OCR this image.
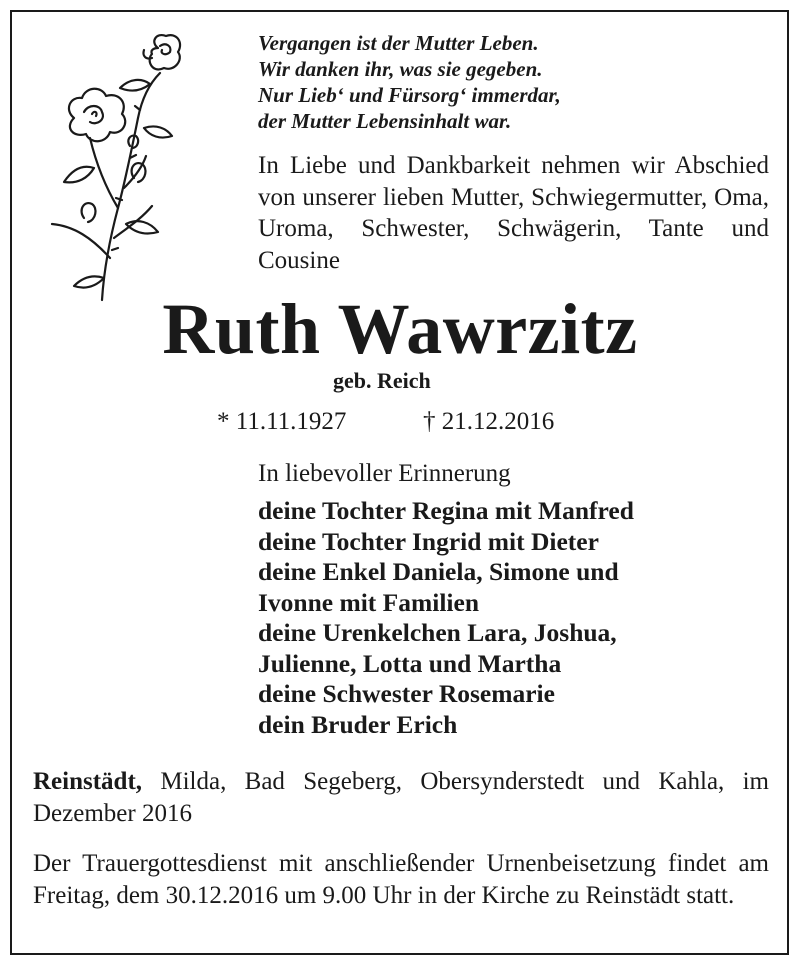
Vergangen ist der Mutter Leben.
Wir danken ihr, was sie gegeben.
Nur Lieb‘ und Fürsorg‘ immerdar,
der Mutter Lebensinhalt war.
In Liebe und Dankbarkeit nehmen wir Abschied von unserer lieben Mutter, Schwiegermutter, Oma, Uroma, Schwester, Schwägerin, Tante und Cousine
Ruth Wawrzitz
geb. Reich
* 11.11.1927	† 21.12.2016
In liebevoller Erinnerung
deine Tochter Regina mit Manfred
deine Tochter Ingrid mit Dieter
deine Enkel Daniela, Simone und
Ivonne mit Familien
deine Urenkelchen Lara, Joshua,
Julienne, Lotta und Martha
deine Schwester Rosemarie
dein Bruder Erich
Reinstädt, Milda, Bad Segeberg, Obersynderstedt und Kahla, im Dezember 2016
Der Trauergottesdienst mit anschließender Urnenbeisetzung findet am Freitag, dem 30.12.2016 um 9.00 Uhr in der Kirche zu Reinstädt statt.
